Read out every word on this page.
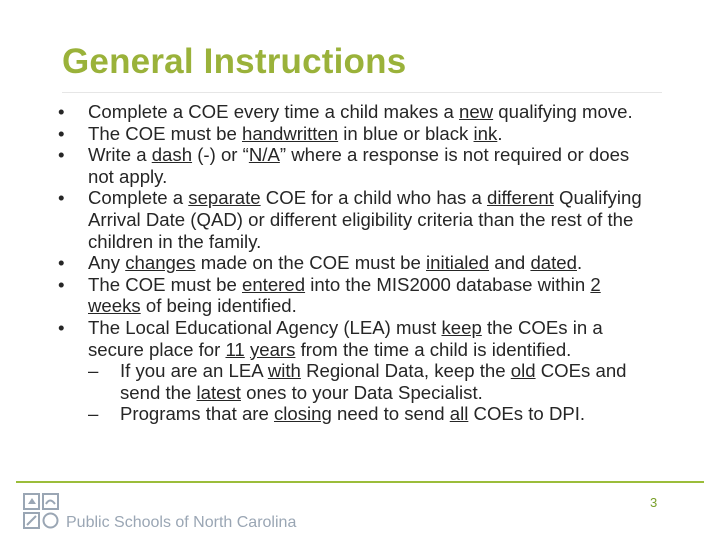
General Instructions
• Complete a COE every time a child makes a new qualifying move.
• The COE must be handwritten in blue or black ink.
• Write a dash (-) or “N/A” where a response is not required or does not apply.
• Complete a separate COE for a child who has a different Qualifying Arrival Date (QAD) or different eligibility criteria than the rest of the children in the family.
• Any changes made on the COE must be initialed and dated.
• The COE must be entered into the MIS2000 database within 2 weeks of being identified.
• The Local Educational Agency (LEA) must keep the COEs in a secure place for 11 years from the time a child is identified.
– If you are an LEA with Regional Data, keep the old COEs and send the latest ones to your Data Specialist.
– Programs that are closing need to send all COEs to DPI.
3
Public Schools of North Carolina
